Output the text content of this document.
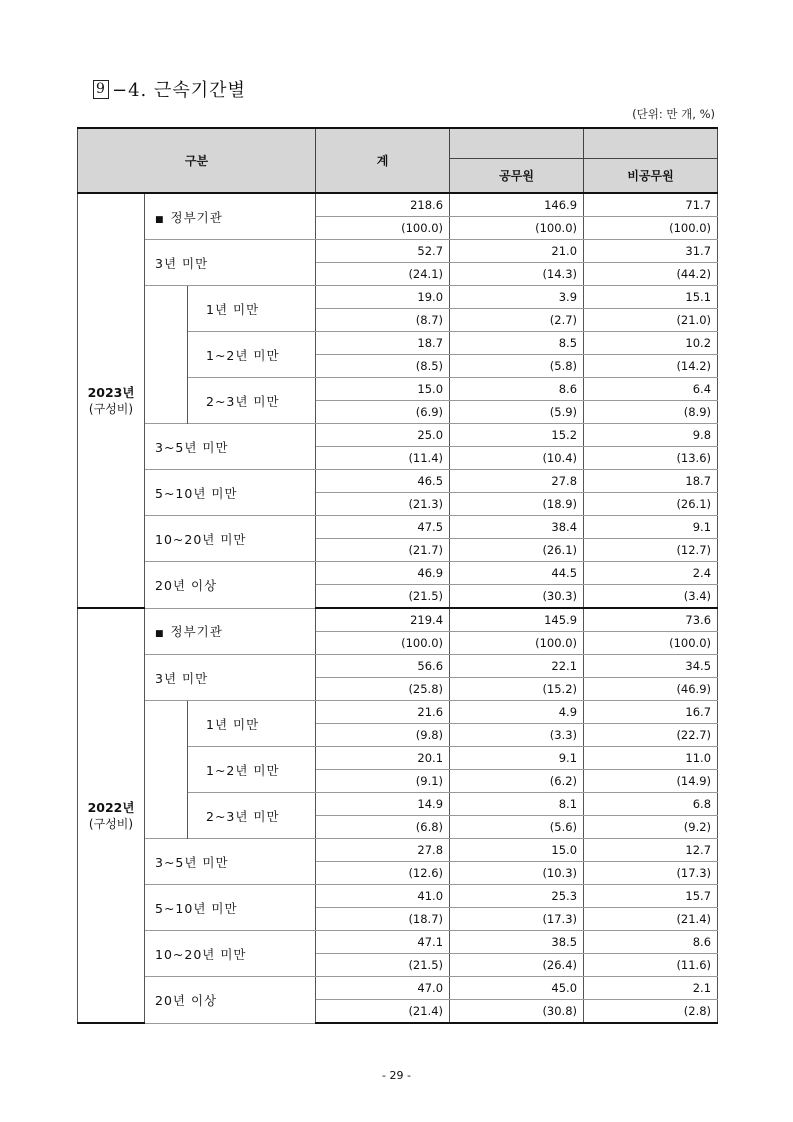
9 −4. 근속기간별
(단위: 만 개, %)
구분			계		
				공무원	비공무원
2023년
(구성비)	■ 정부기관		218.6	146.9	71.7
			(100.0)	(100.0)	(100.0)
	3년 미만		52.7	21.0	31.7
			(24.1)	(14.3)	(44.2)
		1년 미만	19.0	3.9	15.1
			(8.7)	(2.7)	(21.0)
		1~2년 미만	18.7	8.5	10.2
			(8.5)	(5.8)	(14.2)
		2~3년 미만	15.0	8.6	6.4
			(6.9)	(5.9)	(8.9)
	3~5년 미만		25.0	15.2	9.8
			(11.4)	(10.4)	(13.6)
	5~10년 미만		46.5	27.8	18.7
			(21.3)	(18.9)	(26.1)
	10~20년 미만		47.5	38.4	9.1
			(21.7)	(26.1)	(12.7)
	20년 이상		46.9	44.5	2.4
			(21.5)	(30.3)	(3.4)
2022년
(구성비)	■ 정부기관		219.4	145.9	73.6
			(100.0)	(100.0)	(100.0)
	3년 미만		56.6	22.1	34.5
			(25.8)	(15.2)	(46.9)
		1년 미만	21.6	4.9	16.7
			(9.8)	(3.3)	(22.7)
		1~2년 미만	20.1	9.1	11.0
			(9.1)	(6.2)	(14.9)
		2~3년 미만	14.9	8.1	6.8
			(6.8)	(5.6)	(9.2)
	3~5년 미만		27.8	15.0	12.7
			(12.6)	(10.3)	(17.3)
	5~10년 미만		41.0	25.3	15.7
			(18.7)	(17.3)	(21.4)
	10~20년 미만		47.1	38.5	8.6
			(21.5)	(26.4)	(11.6)
	20년 이상		47.0	45.0	2.1
			(21.4)	(30.8)	(2.8)
- 29 -
